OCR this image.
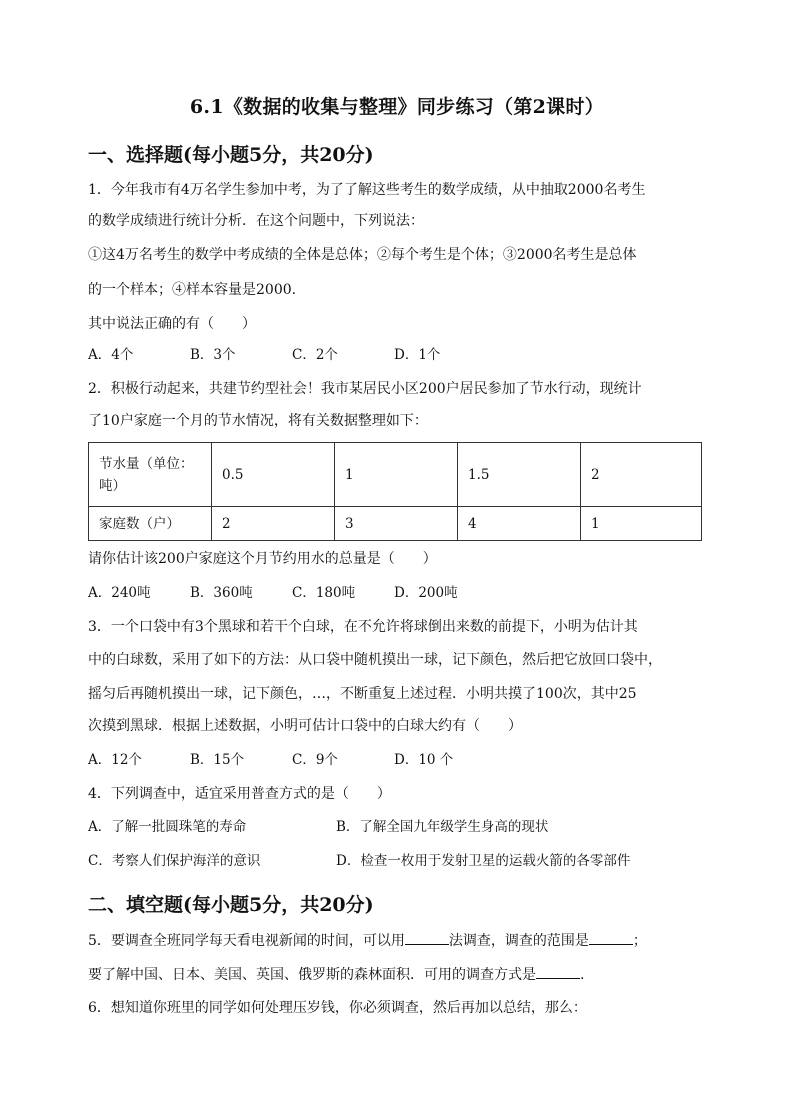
6.1《数据的收集与整理》同步练习（第2课时）
一、选择题(每小题5分，共20分)
1．今年我市有4万名学生参加中考，为了了解这些考生的数学成绩，从中抽取2000名考生
的数学成绩进行统计分析．在这个问题中，下列说法：
①这4万名考生的数学中考成绩的全体是总体；②每个考生是个体；③2000名考生是总体
的一个样本；④样本容量是2000.
其中说法正确的有（　　）
A．4个	B．3个	C．2个	D．1个
2．积极行动起来，共建节约型社会！我市某居民小区200户居民参加了节水行动，现统计
了10户家庭一个月的节水情况，将有关数据整理如下：
节水量（单位：
吨）	0.5	1	1.5	2
家庭数（户）	2	3	4	1
请你估计该200户家庭这个月节约用水的总量是（　　）
A．240吨	B．360吨	C．180吨	D．200吨
3．一个口袋中有3个黑球和若干个白球，在不允许将球倒出来数的前提下，小明为估计其
中的白球数，采用了如下的方法：从口袋中随机摸出一球，记下颜色，然后把它放回口袋中，
摇匀后再随机摸出一球，记下颜色，…，不断重复上述过程．小明共摸了100次，其中25
次摸到黑球．根据上述数据，小明可估计口袋中的白球大约有（　　）
A．12个	B．15个	C．9个	D．10 个
4．下列调查中，适宜采用普查方式的是（　　）
A．了解一批圆珠笔的寿命	B．了解全国九年级学生身高的现状
C．考察人们保护海洋的意识	D．检查一枚用于发射卫星的运载火箭的各零部件
二、填空题(每小题5分，共20分)
5．要调查全班同学每天看电视新闻的时间，可以用	法调查，调查的范围是	；
要了解中国、日本、美国、英国、俄罗斯的森林面积．可用的调查方式是	.
6．想知道你班里的同学如何处理压岁钱，你必须调查，然后再加以总结，那么：
